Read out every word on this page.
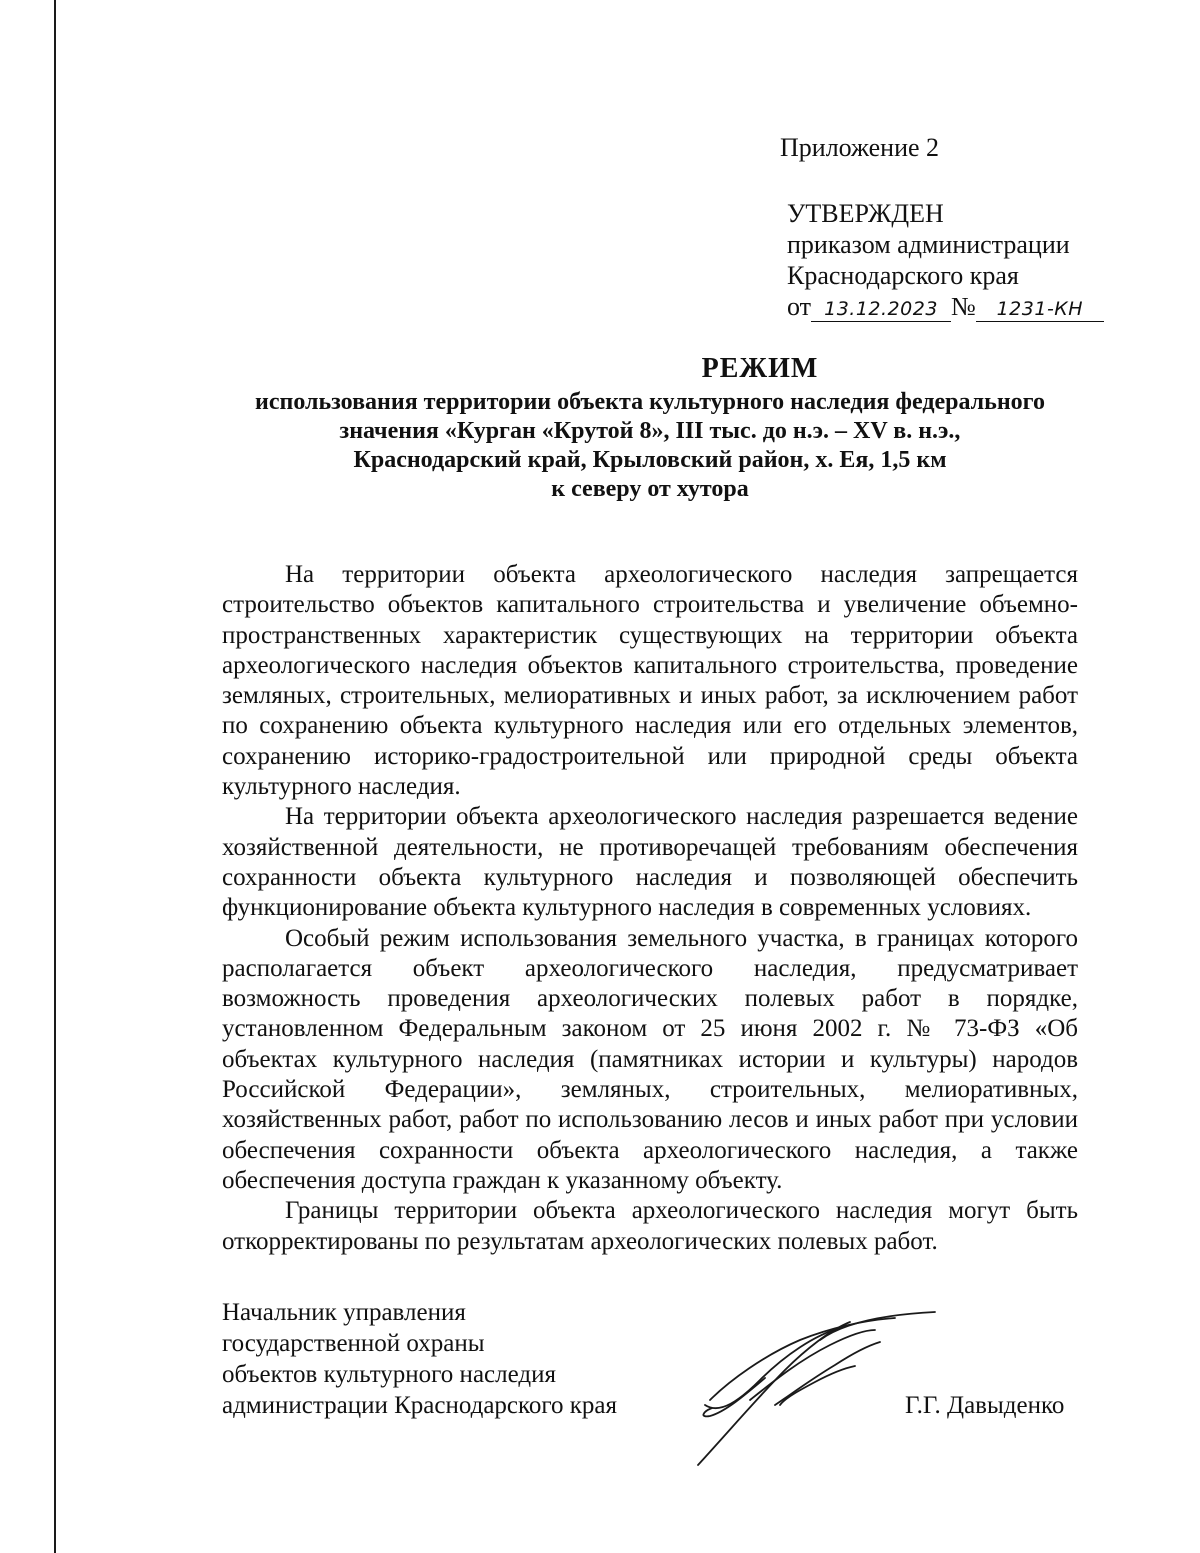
Приложение 2
УТВЕРЖДЕН
приказом администрации
Краснодарского края
от 13.12.2023 № 1231-КН
РЕЖИМ
использования территории объекта культурного наследия федерального
значения «Курган «Крутой 8», III тыс. до н.э. – XV в. н.э.,
Краснодарский край, Крыловский район, х. Ея, 1,5 км
к северу от хутора

На территории объекта археологического наследия запрещается строительство объектов капитального строительства и увеличение объемно-пространственных характеристик существующих на территории объекта археологического наследия объектов капитального строительства, проведение земляных, строительных, мелиоративных и иных работ, за исключением работ по сохранению объекта культурного наследия или его отдельных элементов, сохранению историко-градостроительной или природной среды объекта культурного наследия.

На территории объекта археологического наследия разрешается ведение хозяйственной деятельности, не противоречащей требованиям обеспечения сохранности объекта культурного наследия и позволяющей обеспечить функционирование объекта культурного наследия в современных условиях.

Особый режим использования земельного участка, в границах которого располагается объект археологического наследия, предусматривает возможность проведения археологических полевых работ в порядке, установленном Федеральным законом от 25 июня 2002 г. № 73-ФЗ «Об объектах культурного наследия (памятниках истории и культуры) народов Российской Федерации», земляных, строительных, мелиоративных, хозяйственных работ, работ по использованию лесов и иных работ при условии обеспечения сохранности объекта археологического наследия, а также обеспечения доступа граждан к указанному объекту.

Границы территории объекта археологического наследия могут быть откорректированы по результатам археологических полевых работ.

Начальник управления
государственной охраны
объектов культурного наследия
администрации Краснодарского края	Г.Г. Давыденко
